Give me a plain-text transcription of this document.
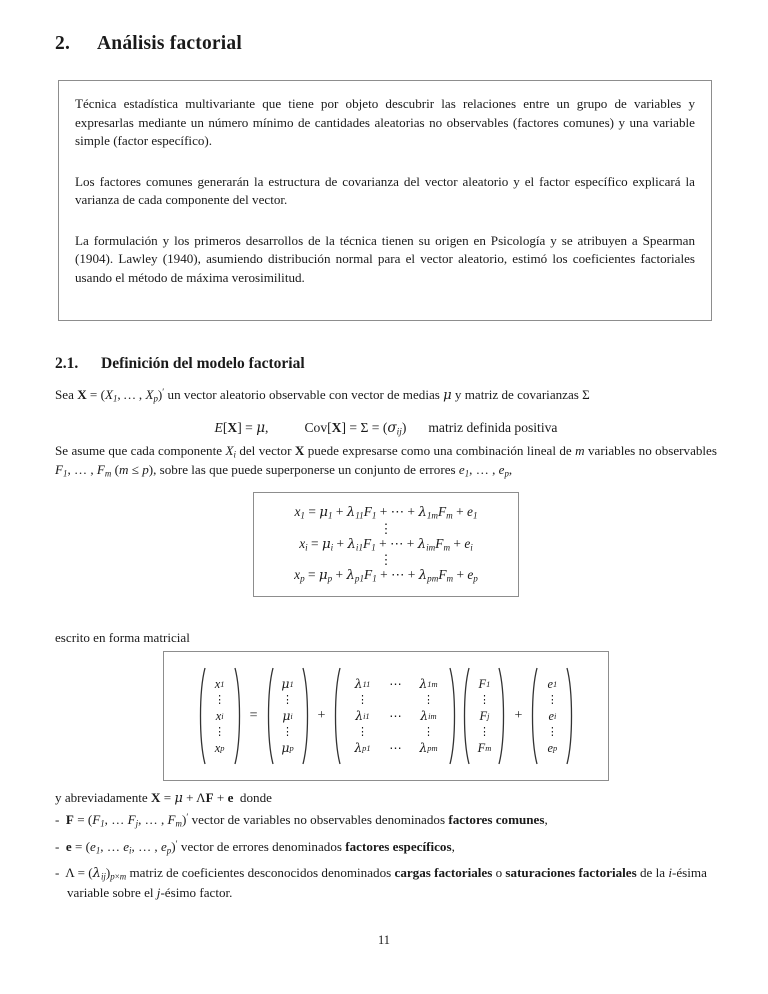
2. Análisis factorial

Técnica estadística multivariante que tiene por objeto descubrir las relaciones entre un grupo de variables y expresarlas mediante un número mínimo de cantidades aleatorias no observables (factores comunes) y una variable simple (factor específico).

Los factores comunes generarán la estructura de covarianza del vector aleatorio y el factor específico explicará la varianza de cada componente del vector.

La formulación y los primeros desarrollos de la técnica tienen su origen en Psicología y se atribuyen a Spearman (1904). Lawley (1940), asumiendo distribución normal para el vector aleatorio, estimó los coeficientes factoriales usando el método de máxima verosimilitud.

2.1. Definición del modelo factorial

Sea $X = (X_1$, … , $X_p)'$ un vector aleatorio observable con vector de medias μ y matriz de covarianzas Σ

E[X] = μ,	$Cov[X] = \Sigma = (\sigma_{ij})$ matriz definida positiva

Se asume que cada componente $X_i$ del vector X puede expresarse como una combinación lineal de m variables no observables $F_1$, … , $F_m$ (m ≤ p), sobre las que puede superponerse un conjunto de errores $e_1$, … , $e_p$,

$x_1 = \mu_1 + \lambda_{11}F_1$ + ⋯ + $\lambda_{1m}F_m + e_1$
⋮
$x_i = \mu_i + \lambda_{i1}F_1$ + ⋯ + $\lambda_{im}F_m + e_i$
⋮
$x_p = \mu_p + \lambda_{p1}F_1$ + ⋯ + $\lambda_{pm}F_m + e_p$

escrito en forma matricial

x 1
⋮
x i
⋮
x p
=
μ 1
⋮
μ i
⋮
μ p
+
λ 11
⋮
λ i1
⋮
λ p1
⋯
⋯
⋯
λ 1m
⋮
λ im
⋮
λ pm
F 1
⋮
F j
⋮
F m
+
e 1
⋮
e i
⋮
e p

y abreviadamente X = μ + ΛF + e  donde

-  $F = (F_1$, … $F_j$, … , $F_m)'$ vector de variables no observables denominados factores comunes,

-  $e = (e_1$, … $e_i$, … , $e_p)'$ vector de errores denominados factores específicos,

-  $\Lambda = (\lambda_{ij})_{p\times m}$ matriz de coeficientes desconocidos denominados cargas factoriales o saturaciones factoriales de la i-ésima variable sobre el j-ésimo factor.

11
